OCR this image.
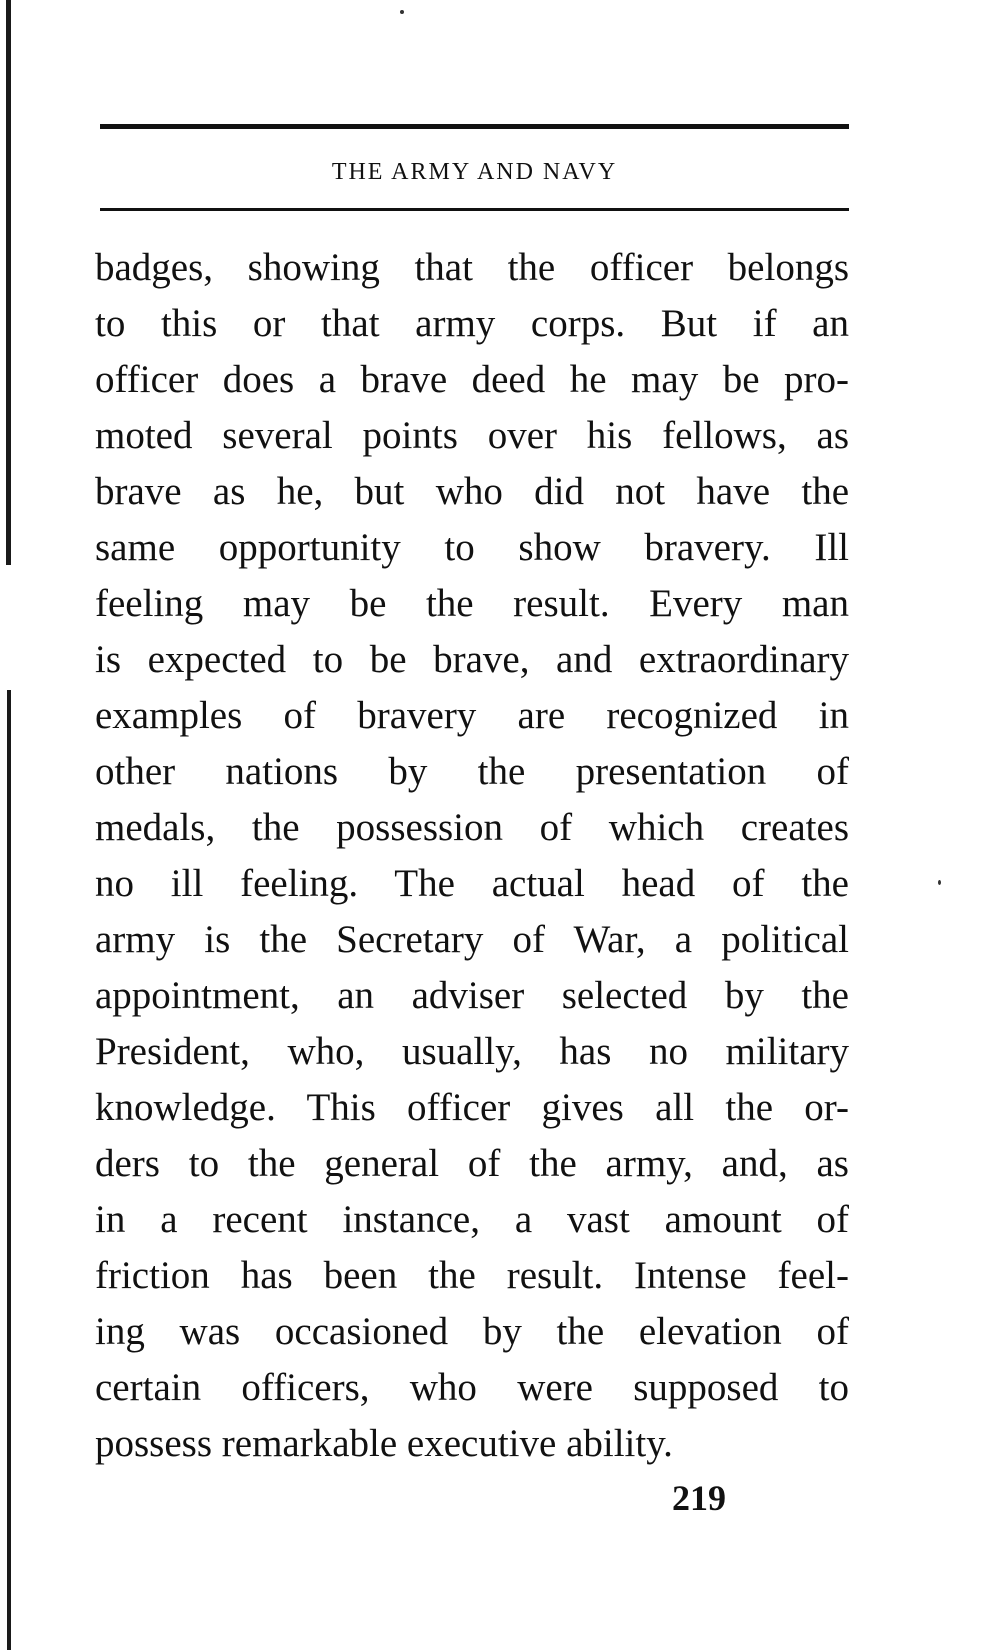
THE ARMY AND NAVY
badges, showing that the officer belongs
to this or that army corps. But if an
officer does a brave deed he may be pro-
moted several points over his fellows, as
brave as he, but who did not have the
same opportunity to show bravery. Ill
feeling may be the result. Every man
is expected to be brave, and extraordinary
examples of bravery are recognized in
other nations by the presentation of
medals, the possession of which creates
no ill feeling. The actual head of the
army is the Secretary of War, a political
appointment, an adviser selected by the
President, who, usually, has no military
knowledge. This officer gives all the or-
ders to the general of the army, and, as
in a recent instance, a vast amount of
friction has been the result. Intense feel-
ing was occasioned by the elevation of
certain officers, who were supposed to
possess remarkable executive ability.
219
